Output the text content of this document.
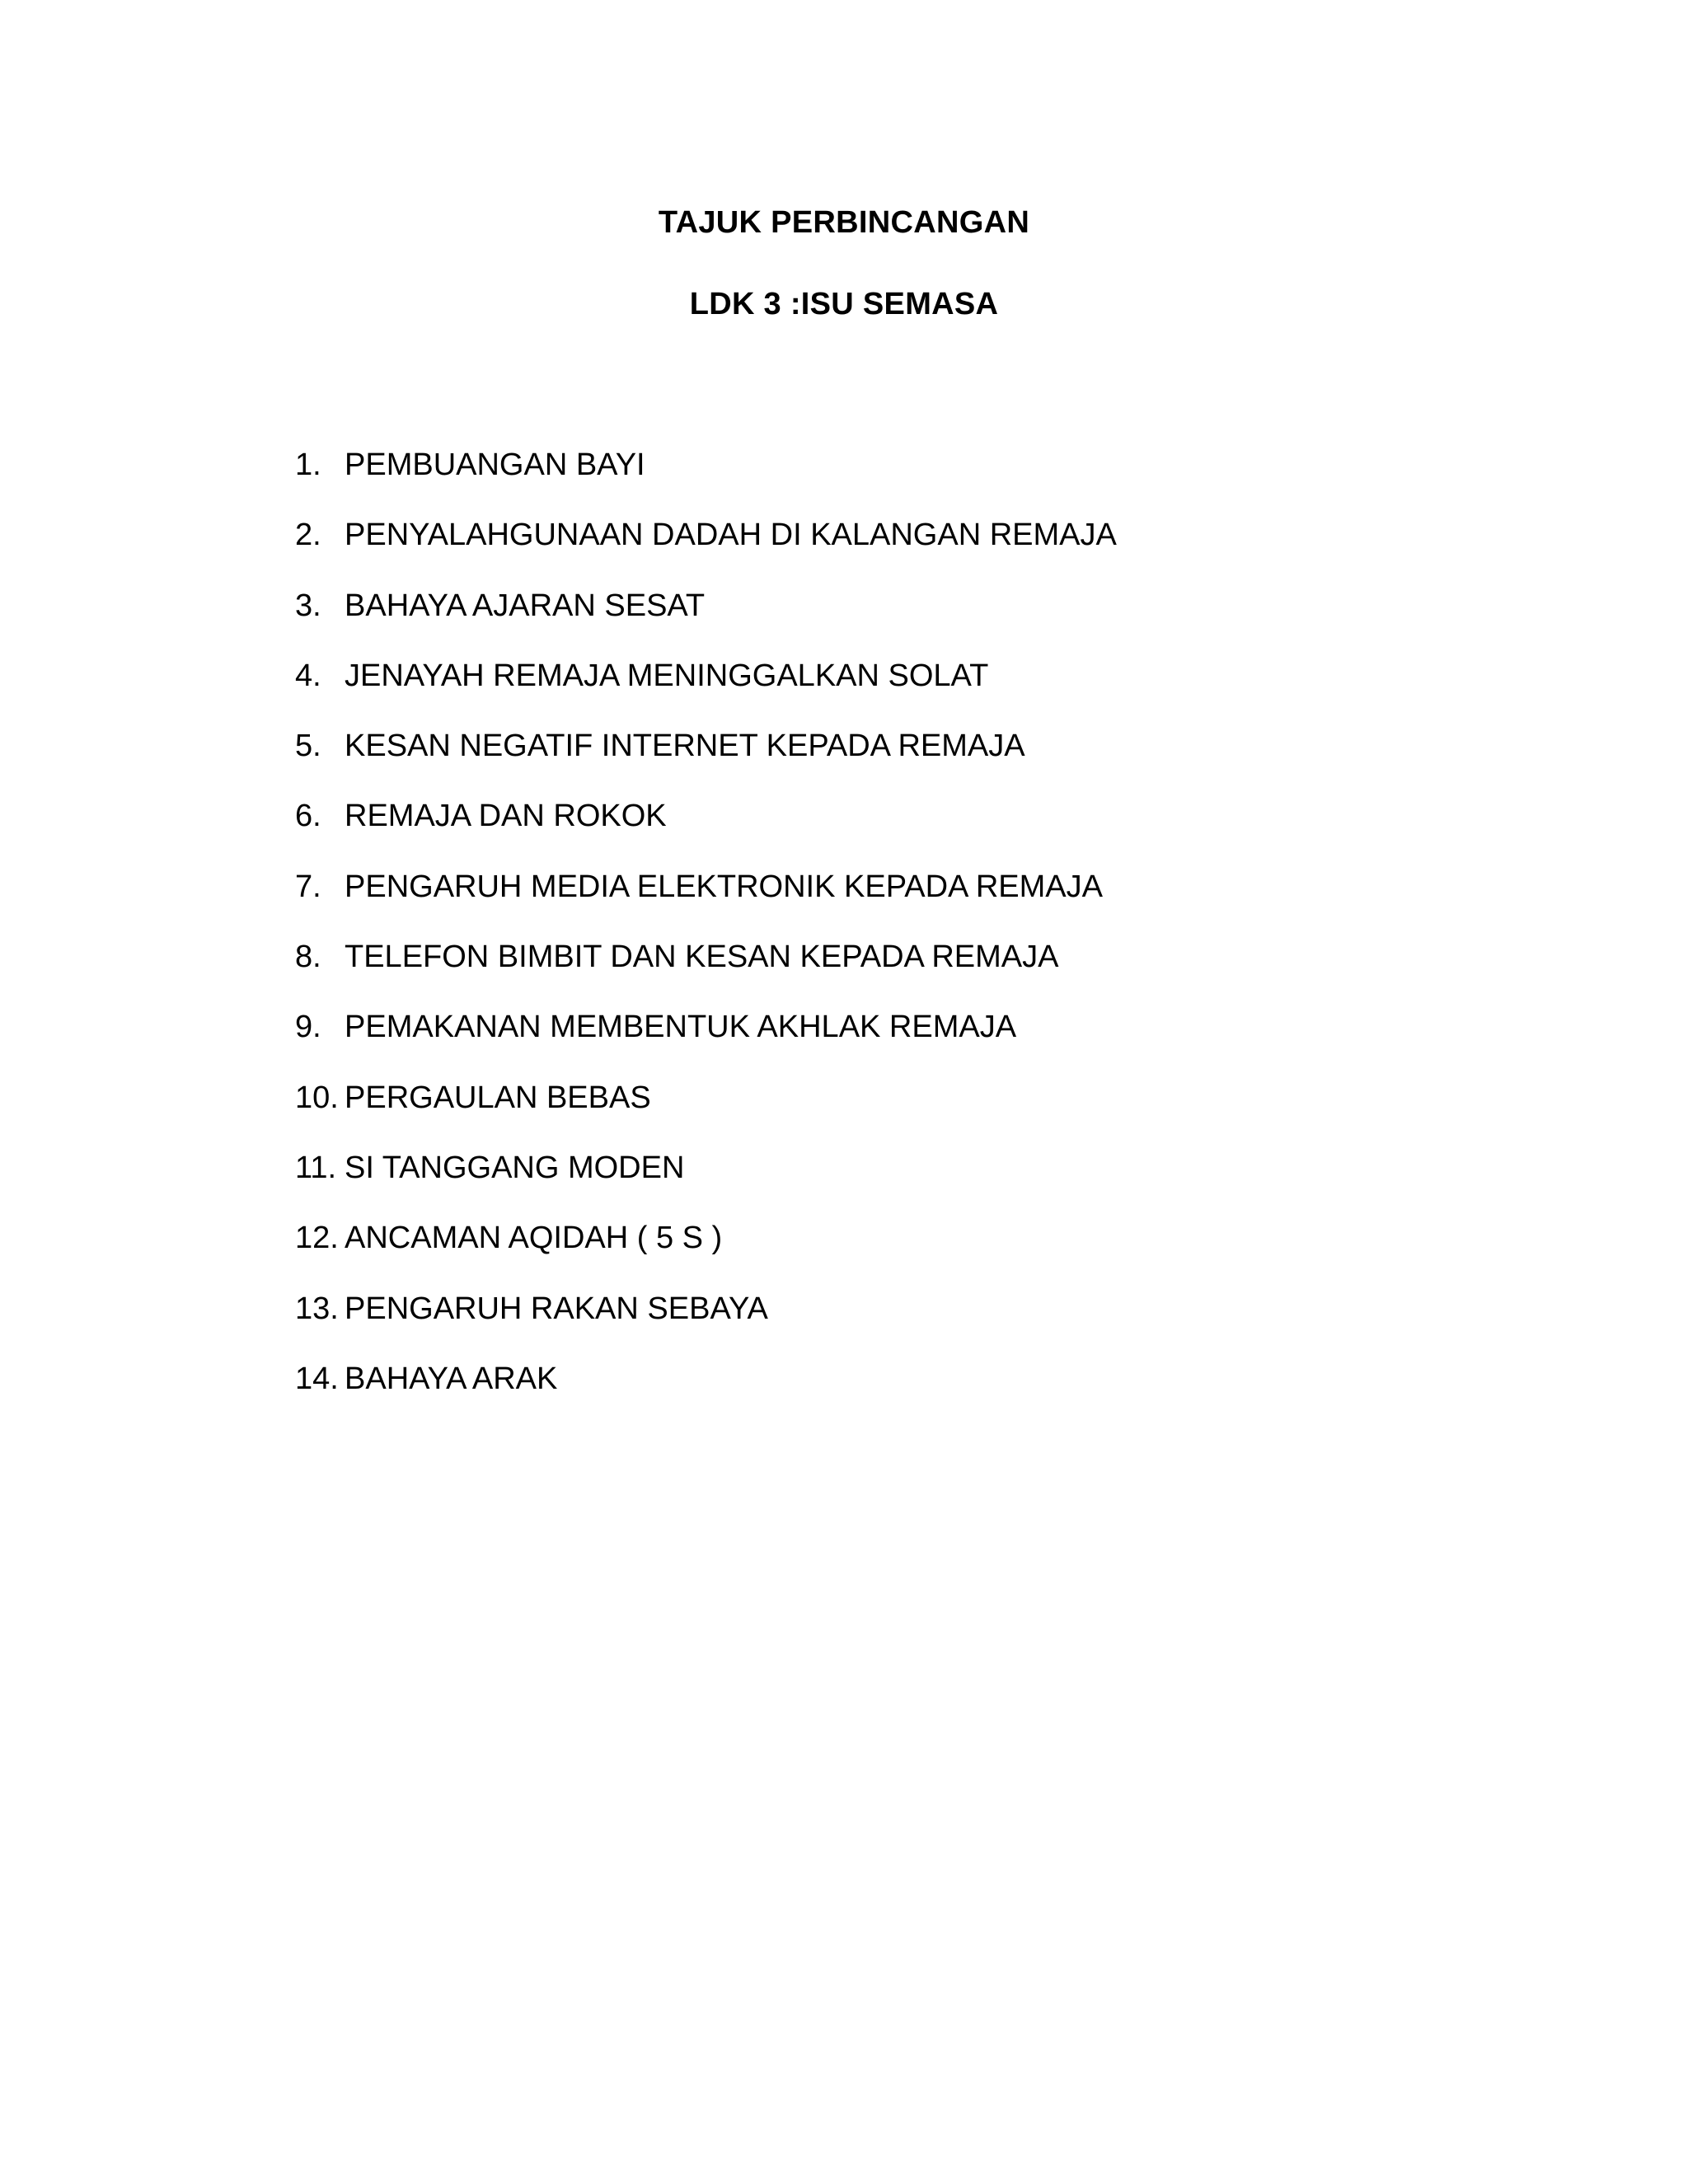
TAJUK PERBINCANGAN
LDK 3 :ISU SEMASA
1. PEMBUANGAN BAYI
2. PENYALAHGUNAAN DADAH DI KALANGAN REMAJA
3. BAHAYA AJARAN SESAT
4. JENAYAH REMAJA MENINGGALKAN SOLAT
5. KESAN NEGATIF INTERNET KEPADA REMAJA
6. REMAJA DAN ROKOK
7. PENGARUH MEDIA ELEKTRONIK KEPADA REMAJA
8. TELEFON BIMBIT DAN KESAN KEPADA REMAJA
9. PEMAKANAN MEMBENTUK AKHLAK REMAJA
10. PERGAULAN BEBAS
11. SI TANGGANG MODEN
12. ANCAMAN AQIDAH ( 5 S )
13. PENGARUH RAKAN SEBAYA
14. BAHAYA ARAK
